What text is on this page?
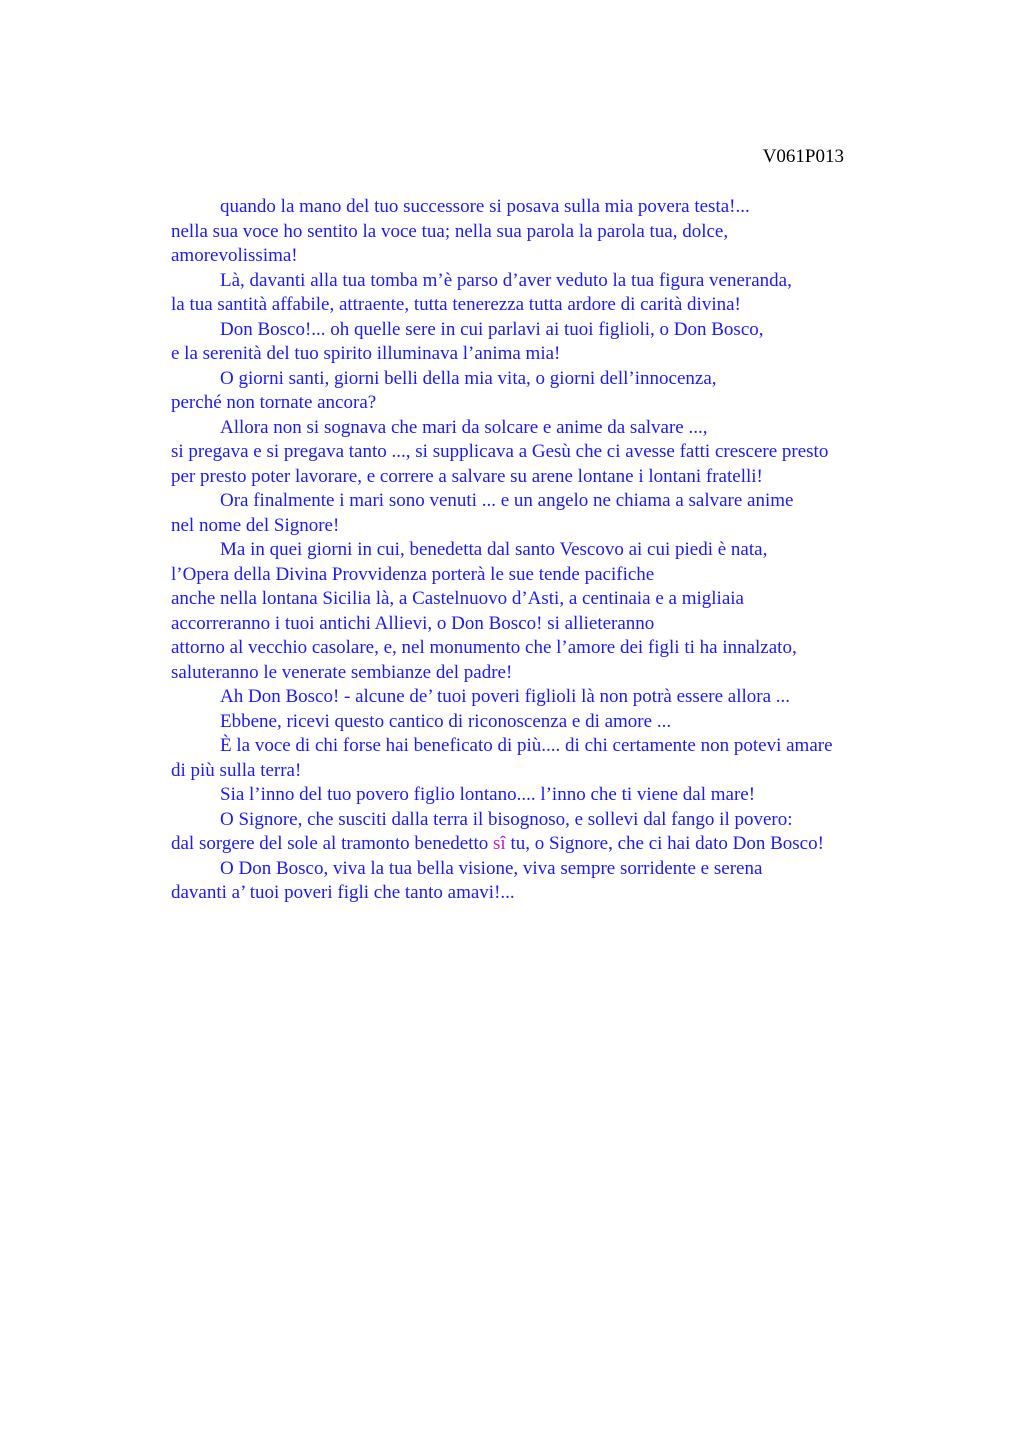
V061P013
quando la mano del tuo successore si posava sulla mia povera testa!...
nella sua voce ho sentito la voce tua; nella sua parola la parola tua, dolce,
amorevolissima!
Là, davanti alla tua tomba m’è parso d’aver veduto la tua figura veneranda,
la tua santità affabile, attraente, tutta tenerezza tutta ardore di carità divina!
Don Bosco!... oh quelle sere in cui parlavi ai tuoi figlioli, o Don Bosco,
e la serenità del tuo spirito illuminava l’anima mia!
O giorni santi, giorni belli della mia vita, o giorni dell’innocenza,
perché non tornate ancora?
Allora non si sognava che mari da solcare e anime da salvare ...,
si pregava e si pregava tanto ..., si supplicava a Gesù che ci avesse fatti crescere presto
per presto poter lavorare, e correre a salvare su arene lontane i lontani fratelli!
Ora finalmente i mari sono venuti ... e un angelo ne chiama a salvare anime
nel nome del Signore!
Ma in quei giorni in cui, benedetta dal santo Vescovo ai cui piedi è nata,
l’Opera della Divina Provvidenza porterà le sue tende pacifiche
anche nella lontana Sicilia là, a Castelnuovo d’Asti, a centinaia e a migliaia
accorreranno i tuoi antichi Allievi, o Don Bosco! si allieteranno
attorno al vecchio casolare, e, nel monumento che l’amore dei figli ti ha innalzato,
saluteranno le venerate sembianze del padre!
Ah Don Bosco! - alcune de’ tuoi poveri figlioli là non potrà essere allora ...
Ebbene, ricevi questo cantico di riconoscenza e di amore ...
È la voce di chi forse hai beneficato di più.... di chi certamente non potevi amare
di più sulla terra!
Sia l’inno del tuo povero figlio lontano.... l’inno che ti viene dal mare!
O Signore, che susciti dalla terra il bisognoso, e sollevi dal fango il povero:
dal sorgere del sole al tramonto benedetto sî tu, o Signore, che ci hai dato Don Bosco!
O Don Bosco, viva la tua bella visione, viva sempre sorridente e serena
davanti a’ tuoi poveri figli che tanto amavi!...
